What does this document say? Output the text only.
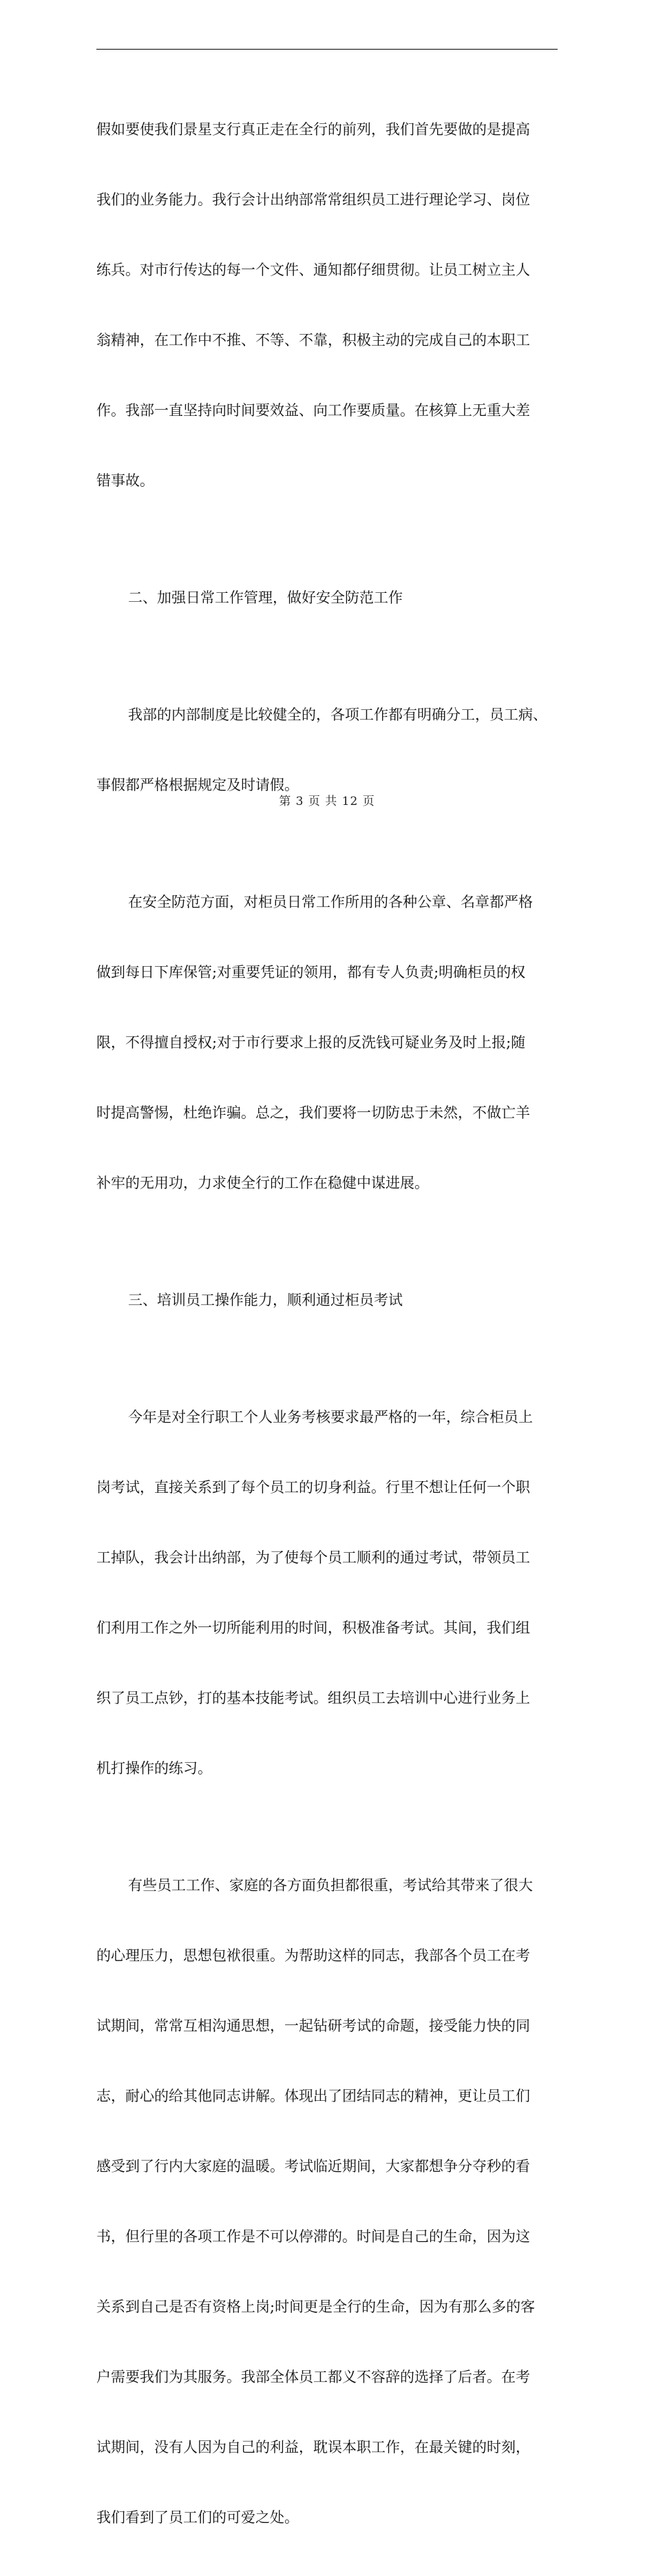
假如要使我们景星支行真正走在全行的前列，我们首先要做的是提高

我们的业务能力。我行会计出纳部常常组织员工进行理论学习、岗位

练兵。对市行传达的每一个文件、通知都仔细贯彻。让员工树立主人

翁精神，在工作中不推、不等、不靠，积极主动的完成自己的本职工

作。我部一直坚持向时间要效益、向工作要质量。在核算上无重大差

错事故。

二、加强日常工作管理，做好安全防范工作

我部的内部制度是比较健全的，各项工作都有明确分工，员工病、

事假都严格根据规定及时请假。

在安全防范方面，对柜员日常工作所用的各种公章、名章都严格

做到每日下库保管;对重要凭证的领用，都有专人负责;明确柜员的权

限，不得擅自授权;对于市行要求上报的反洗钱可疑业务及时上报;随

时提高警惕，杜绝诈骗。总之，我们要将一切防忠于未然，不做亡羊

补牢的无用功，力求使全行的工作在稳健中谋进展。

三、培训员工操作能力，顺利通过柜员考试

今年是对全行职工个人业务考核要求最严格的一年，综合柜员上

岗考试，直接关系到了每个员工的切身利益。行里不想让任何一个职

工掉队，我会计出纳部，为了使每个员工顺利的通过考试，带领员工

们利用工作之外一切所能利用的时间，积极准备考试。其间，我们组

织了员工点钞，打的基本技能考试。组织员工去培训中心进行业务上

机打操作的练习。

有些员工工作、家庭的各方面负担都很重，考试给其带来了很大

的心理压力，思想包袱很重。为帮助这样的同志，我部各个员工在考

试期间，常常互相沟通思想，一起钻研考试的命题，接受能力快的同

志，耐心的给其他同志讲解。体现出了团结同志的精神，更让员工们

感受到了行内大家庭的温暖。考试临近期间，大家都想争分夺秒的看

书，但行里的各项工作是不可以停滞的。时间是自己的生命，因为这

关系到自己是否有资格上岗;时间更是全行的生命，因为有那么多的客

户需要我们为其服务。我部全体员工都义不容辞的选择了后者。在考

试期间，没有人因为自己的利益，耽误本职工作，在最关键的时刻，

我们看到了员工们的可爱之处。

第 3 页 共 12 页
